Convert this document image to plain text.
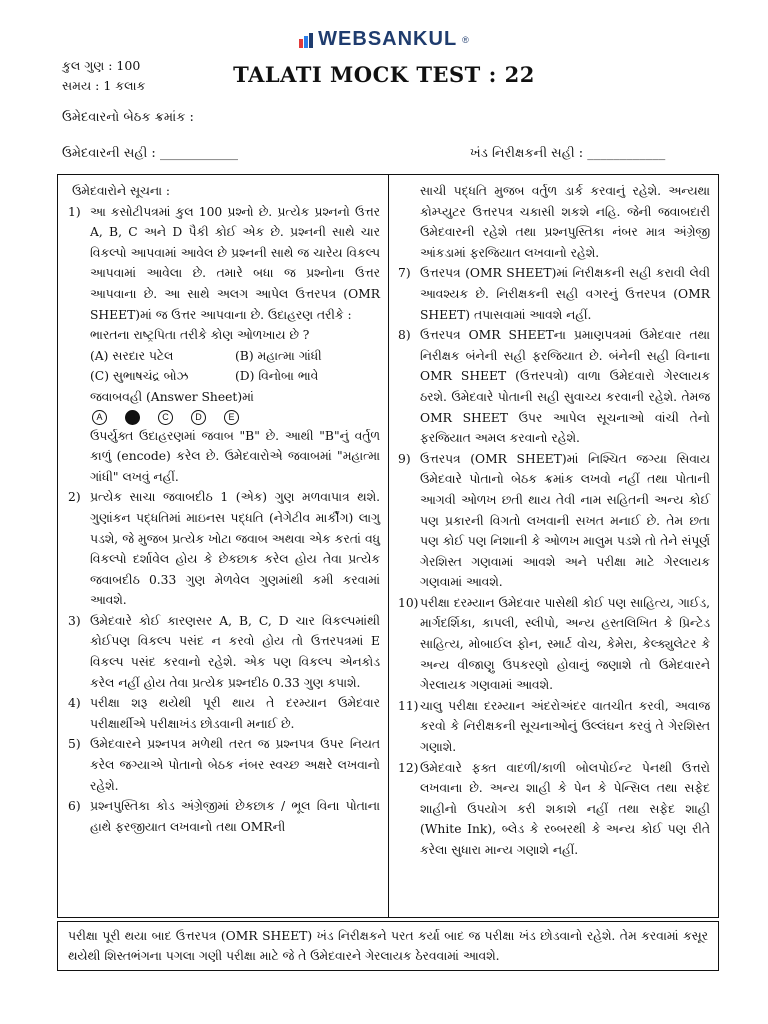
WEBSANKUL ®
કુલ ગુણ : 100
સમય : 1 કલાક	TALATI MOCK TEST : 22
ઉમેદવારનો બેઠક ક્રમાંક :
ઉમેદવારની સહી : ____________	ખંડ નિરીક્ષકની સહી : ____________
ઉમેદવારોને સૂચના :
1) આ કસોટીપત્રમાં કુલ 100 પ્રશ્નો છે. પ્રત્યેક પ્રશ્નનો ઉત્તર A, B, C અને D પૈકી કોઈ એક છે. પ્રશ્નની સાથે ચાર વિકલ્પો આપવામાં આવેલ છે પ્રશ્નની સાથે જ ચારેય વિકલ્પ આપવામાં આવેલા છે. તમારે બધા જ પ્રશ્નોના ઉત્તર આપવાના છે. આ સાથે અલગ આપેલ ઉત્તરપત્ર (OMR SHEET)માં જ ઉત્તર આપવાના છે. ઉદાહરણ તરીકે :
ભારતના રાષ્ટ્રપિતા તરીકે કોણ ઓળખાય છે ?
(A) સરદાર પટેલ	(B) મહાત્મા ગાંધી
(C) સુભાષચંદ્ર બોઝ	(D) વિનોબા ભાવે
જવાબવહી (Answer Sheet)માં
A	B	C	D	E
ઉપર્યુક્ત ઉદાહરણમાં જવાબ "B" છે. આથી "B"નું વર્તુળ કાળું (encode) કરેલ છે. ઉમેદવારોએ જવાબમાં "મહાત્મા ગાંધી" લખવું નહીં.
2) પ્રત્યેક સાચા જવાબદીઠ 1 (એક) ગુણ મળવાપાત્ર થશે. ગુણાંકન પદ્ધતિમાં માઇનસ પદ્ધતિ (નેગેટીવ માર્કીંગ) લાગુ પડશે, જે મુજબ પ્રત્યેક ખોટા જવાબ અથવા એક કરતાં વધુ વિકલ્પો દર્શાવેલ હોય કે છેકછાક કરેલ હોય તેવા પ્રત્યેક જવાબદીઠ 0.33 ગુણ મેળવેલ ગુણમાંથી કમી કરવામાં આવશે.
3) ઉમેદવારે કોઈ કારણસર A, B, C, D ચાર વિકલ્પમાંથી કોઈપણ વિકલ્પ પસંદ ન કરવો હોય તો ઉત્તરપત્રમાં E વિકલ્પ પસંદ કરવાનો રહેશે. એક પણ વિકલ્પ એનકોડ કરેલ નહીં હોય તેવા પ્રત્યેક પ્રશ્નદીઠ 0.33 ગુણ કપાશે.
4) પરીક્ષા શરૂ થયેથી પૂરી થાય તે દરમ્યાન ઉમેદવાર પરીક્ષાર્થીએ પરીક્ષાખંડ છોડવાની મનાઈ છે.
5) ઉમેદવારને પ્રશ્નપત્ર મળેથી તરત જ પ્રશ્નપત્ર ઉપર નિયત કરેલ જગ્યાએ પોતાનો બેઠક નંબર સ્વચ્છ અક્ષરે લખવાનો રહેશે.
6) પ્રશ્નપુસ્તિકા કોડ અંગ્રેજીમાં છેકછાક / ભૂલ વિના પોતાના હાથે ફરજીયાત લખવાનો તથા OMRની
સાચી પદ્ધતિ મુજબ વર્તુળ ડાર્ક કરવાનું રહેશે. અન્યથા કોમ્પ્યુટર ઉત્તરપત્ર ચકાસી શકશે નહિ. જેની જવાબદારી ઉમેદવારની રહેશે તથા પ્રશ્નપુસ્તિકા નંબર માત્ર અંગ્રેજી આંકડામાં ફરજિયાત લખવાનો રહેશે.
7) ઉત્તરપત્ર (OMR SHEET)માં નિરીક્ષકની સહી કરાવી લેવી આવશ્યક છે. નિરીક્ષકની સહી વગરનું ઉત્તરપત્ર (OMR SHEET) તપાસવામાં આવશે નહીં.
8) ઉત્તરપત્ર OMR SHEETના પ્રમાણપત્રમાં ઉમેદવાર તથા નિરીક્ષક બંનેની સહી ફરજિયાત છે. બંનેની સહી વિનાના OMR SHEET (ઉત્તરપત્રો) વાળા ઉમેદવારો ગેરલાયક ઠરશે. ઉમેદવારે પોતાની સહી સુવાચ્ય કરવાની રહેશે. તેમજ OMR SHEET ઉપર આપેલ સૂચનાઓ વાંચી તેનો ફરજિયાત અમલ કરવાનો રહેશે.
9) ઉત્તરપત્ર (OMR SHEET)માં નિશ્ચિત જગ્યા સિવાય ઉમેદવારે પોતાનો બેઠક ક્રમાંક લખવો નહીં તથા પોતાની આગવી ઓળખ છતી થાય તેવી નામ સહિતની અન્ય કોઈ પણ પ્રકારની વિગતો લખવાની સખત મનાઈ છે. તેમ છતા પણ કોઈ પણ નિશાની કે ઓળખ માલુમ પડશે તો તેને સંપૂર્ણ ગેરશિસ્ત ગણવામાં આવશે અને પરીક્ષા માટે ગેરલાયક ગણવામાં આવશે.
10) પરીક્ષા દરમ્યાન ઉમેદવાર પાસેથી કોઈ પણ સાહિત્ય, ગાઈડ, માર્ગદર્શિકા, કાપલી, સ્લીપો, અન્ય હસ્તલિખિત કે પ્રિન્ટેડ સાહિત્ય, મોબાઈલ ફોન, સ્માર્ટ વોચ, કેમેરા, કેલ્ક્યુલેટર કે અન્ય વીજાણુ ઉપકરણો હોવાનું જણાશે તો ઉમેદવારને ગેરલાયક ગણવામાં આવશે.
11) ચાલુ પરીક્ષા દરમ્યાન અંદરોઅંદર વાતચીત કરવી, અવાજ કરવો કે નિરીક્ષકની સૂચનાઓનું ઉલ્લંઘન કરવું તે ગેરશિસ્ત ગણાશે.
12) ઉમેદવારે ફક્ત વાદળી/કાળી બોલપોઈન્ટ પેનથી ઉત્તરો લખવાના છે. અન્ય શાહી કે પેન કે પેન્સિલ તથા સફેદ શાહીનો ઉપયોગ કરી શકાશે નહીં તથા સફેદ શાહી (White Ink), બ્લેડ કે રબ્બરથી કે અન્ય કોઈ પણ રીતે કરેલા સુધારા માન્ય ગણાશે નહીં.
પરીક્ષા પૂરી થયા બાદ ઉત્તરપત્ર (OMR SHEET) ખંડ નિરીક્ષકને પરત કર્યા બાદ જ પરીક્ષા ખંડ છોડવાનો રહેશે. તેમ કરવામાં કસૂર થયેથી શિસ્તભંગના પગલા ગણી પરીક્ષા માટે જે તે ઉમેદવારને ગેરલાયક ઠેરવવામાં આવશે.
